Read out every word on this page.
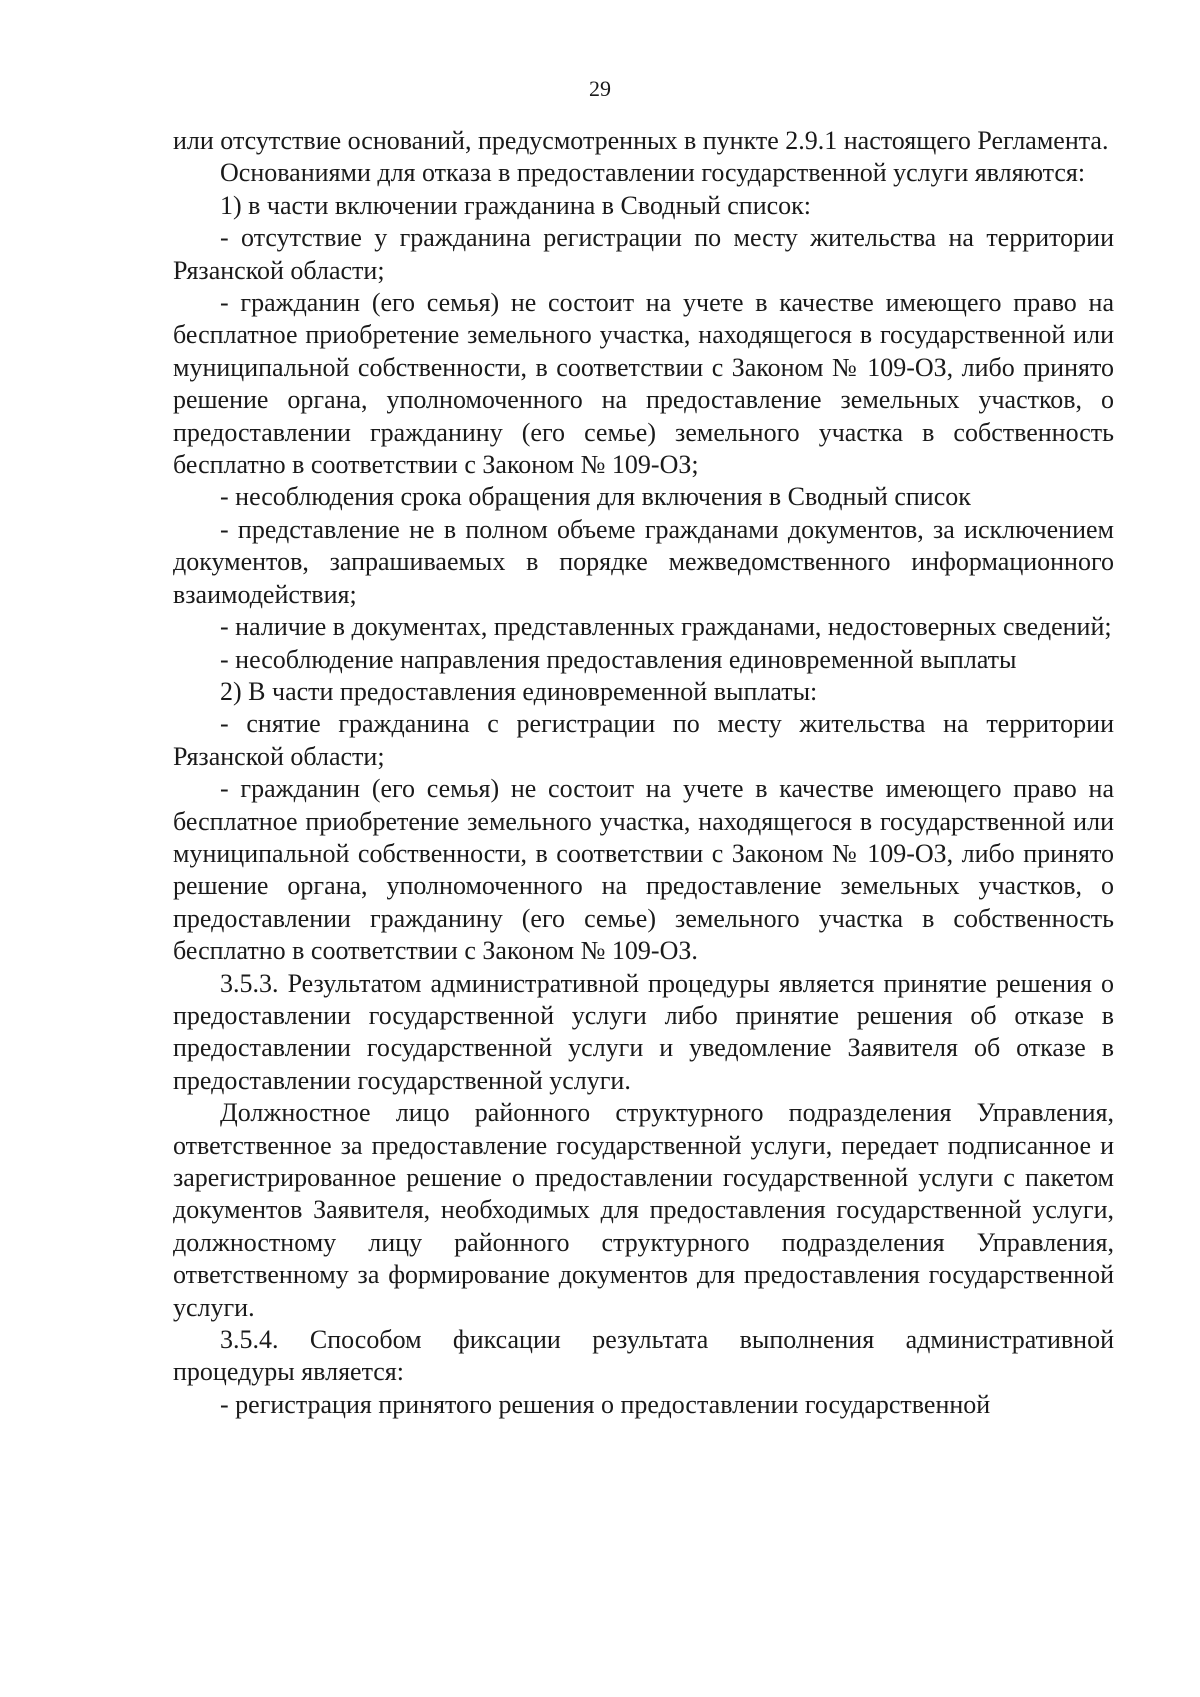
29

или отсутствие оснований, предусмотренных в пункте 2.9.1 настоящего Регламента.

Основаниями для отказа в предоставлении государственной услуги являются:

1) в части включении гражданина в Сводный список:

- отсутствие у гражданина регистрации по месту жительства на территории Рязанской области;

- гражданин (его семья) не состоит на учете в качестве имеющего право на бесплатное приобретение земельного участка, находящегося в государственной или муниципальной собственности, в соответствии с Законом № 109-ОЗ, либо принято решение органа, уполномоченного на предоставление земельных участков, о предоставлении гражданину (его семье) земельного участка в собственность бесплатно в соответствии с Законом № 109-ОЗ;

- несоблюдения срока обращения для включения в Сводный список

- представление не в полном объеме гражданами документов, за исключением документов, запрашиваемых в порядке межведомственного информационного взаимодействия;

- наличие в документах, представленных гражданами, недостоверных сведений;

- несоблюдение направления предоставления единовременной выплаты

2) В части предоставления единовременной выплаты:

- снятие гражданина с регистрации по месту жительства на территории Рязанской области;

- гражданин (его семья) не состоит на учете в качестве имеющего право на бесплатное приобретение земельного участка, находящегося в государственной или муниципальной собственности, в соответствии с Законом № 109-ОЗ, либо принято решение органа, уполномоченного на предоставление земельных участков, о предоставлении гражданину (его семье) земельного участка в собственность бесплатно в соответствии с Законом № 109-ОЗ.

3.5.3. Результатом административной процедуры является принятие решения о предоставлении государственной услуги либо принятие решения об отказе в предоставлении государственной услуги и уведомление Заявителя об отказе в предоставлении государственной услуги.

Должностное лицо районного структурного подразделения Управления, ответственное за предоставление государственной услуги, передает подписанное и зарегистрированное решение о предоставлении государственной услуги с пакетом документов Заявителя, необходимых для предоставления государственной услуги, должностному лицу районного структурного подразделения Управления, ответственному за формирование документов для предоставления государственной услуги.

3.5.4. Способом фиксации результата выполнения административной процедуры является:

- регистрация принятого решения о предоставлении государственной
